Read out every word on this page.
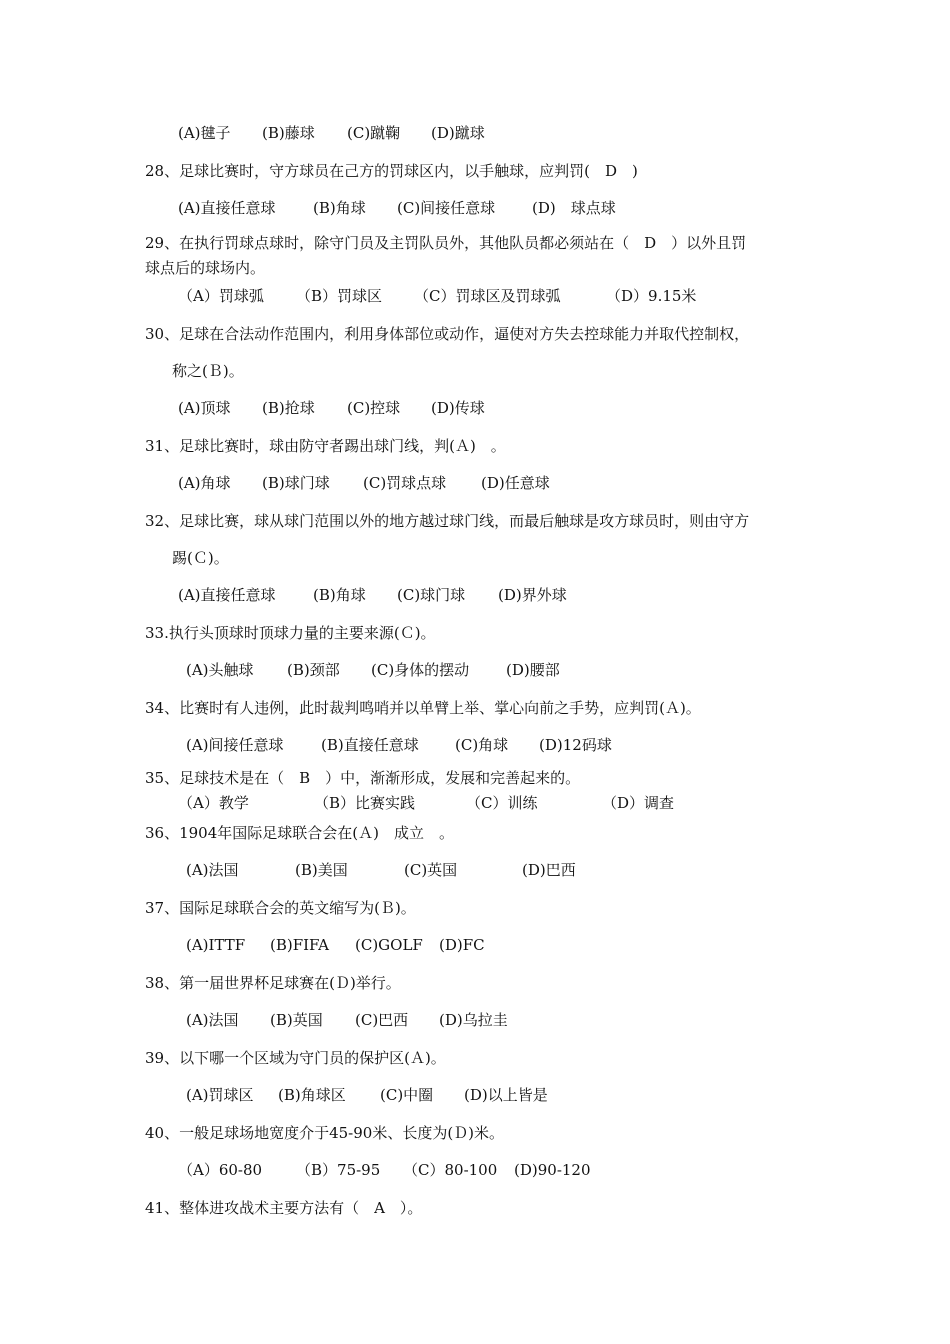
(A)毽子 (B)藤球 (C)蹴鞠 (D)蹴球
28、足球比赛时，守方球员在己方的罚球区内，以手触球，应判罚(　D　)
(A)直接任意球 (B)角球 (C)间接任意球 (D)　球点球
29、在执行罚球点球时，除守门员及主罚队员外，其他队员都必须站在（　D　）以外且罚
球点后的球场内。
（A）罚球弧 （B）罚球区 （C）罚球区及罚球弧	（D）9.15米
30、足球在合法动作范围内，利用身体部位或动作，逼使对方失去控球能力并取代控制权，
称之(Ｂ)。
(A)顶球 (B)抢球 (C)控球 (D)传球
31、足球比赛时，球由防守者踢出球门线，判(Ａ)　。
(A)角球 (B)球门球 (C)罚球点球 (D)任意球
32、足球比赛，球从球门范围以外的地方越过球门线，而最后触球是攻方球员时，则由守方
踢(Ｃ)。
(A)直接任意球 (B)角球 (C)球门球 (D)界外球
33.执行头顶球时顶球力量的主要来源(Ｃ)。
(A)头触球 (B)颈部 (C)身体的摆动 (D)腰部
34、比赛时有人违例，此时裁判鸣哨并以单臂上举、掌心向前之手势，应判罚(Ａ)。
(A)间接任意球 (B)直接任意球 (C)角球 (D)12码球
35、足球技术是在（　B　）中，渐渐形成，发展和完善起来的。
（A）教学	（B）比赛实践	（C）训练	（D）调查
36、1904年国际足球联合会在(Ａ)　成立　。
(A)法国	(B)美国	(C)英国	(D)巴西
37、国际足球联合会的英文缩写为(Ｂ)。
(A)ITTF (B)FIFA (C)GOLF (D)FC
38、第一届世界杯足球赛在(Ｄ)举行。
(A)法国 (B)英国 (C)巴西 (D)乌拉圭
39、以下哪一个区域为守门员的保护区(Ａ)。
(A)罚球区 (B)角球区 (C)中圈 (D)以上皆是
40、一般足球场地宽度介于45-90米、长度为(Ｄ)米。
（A）60-80 （B）75-95 （C）80-100 (D)90-120
41、整体进攻战术主要方法有（　A　）。
